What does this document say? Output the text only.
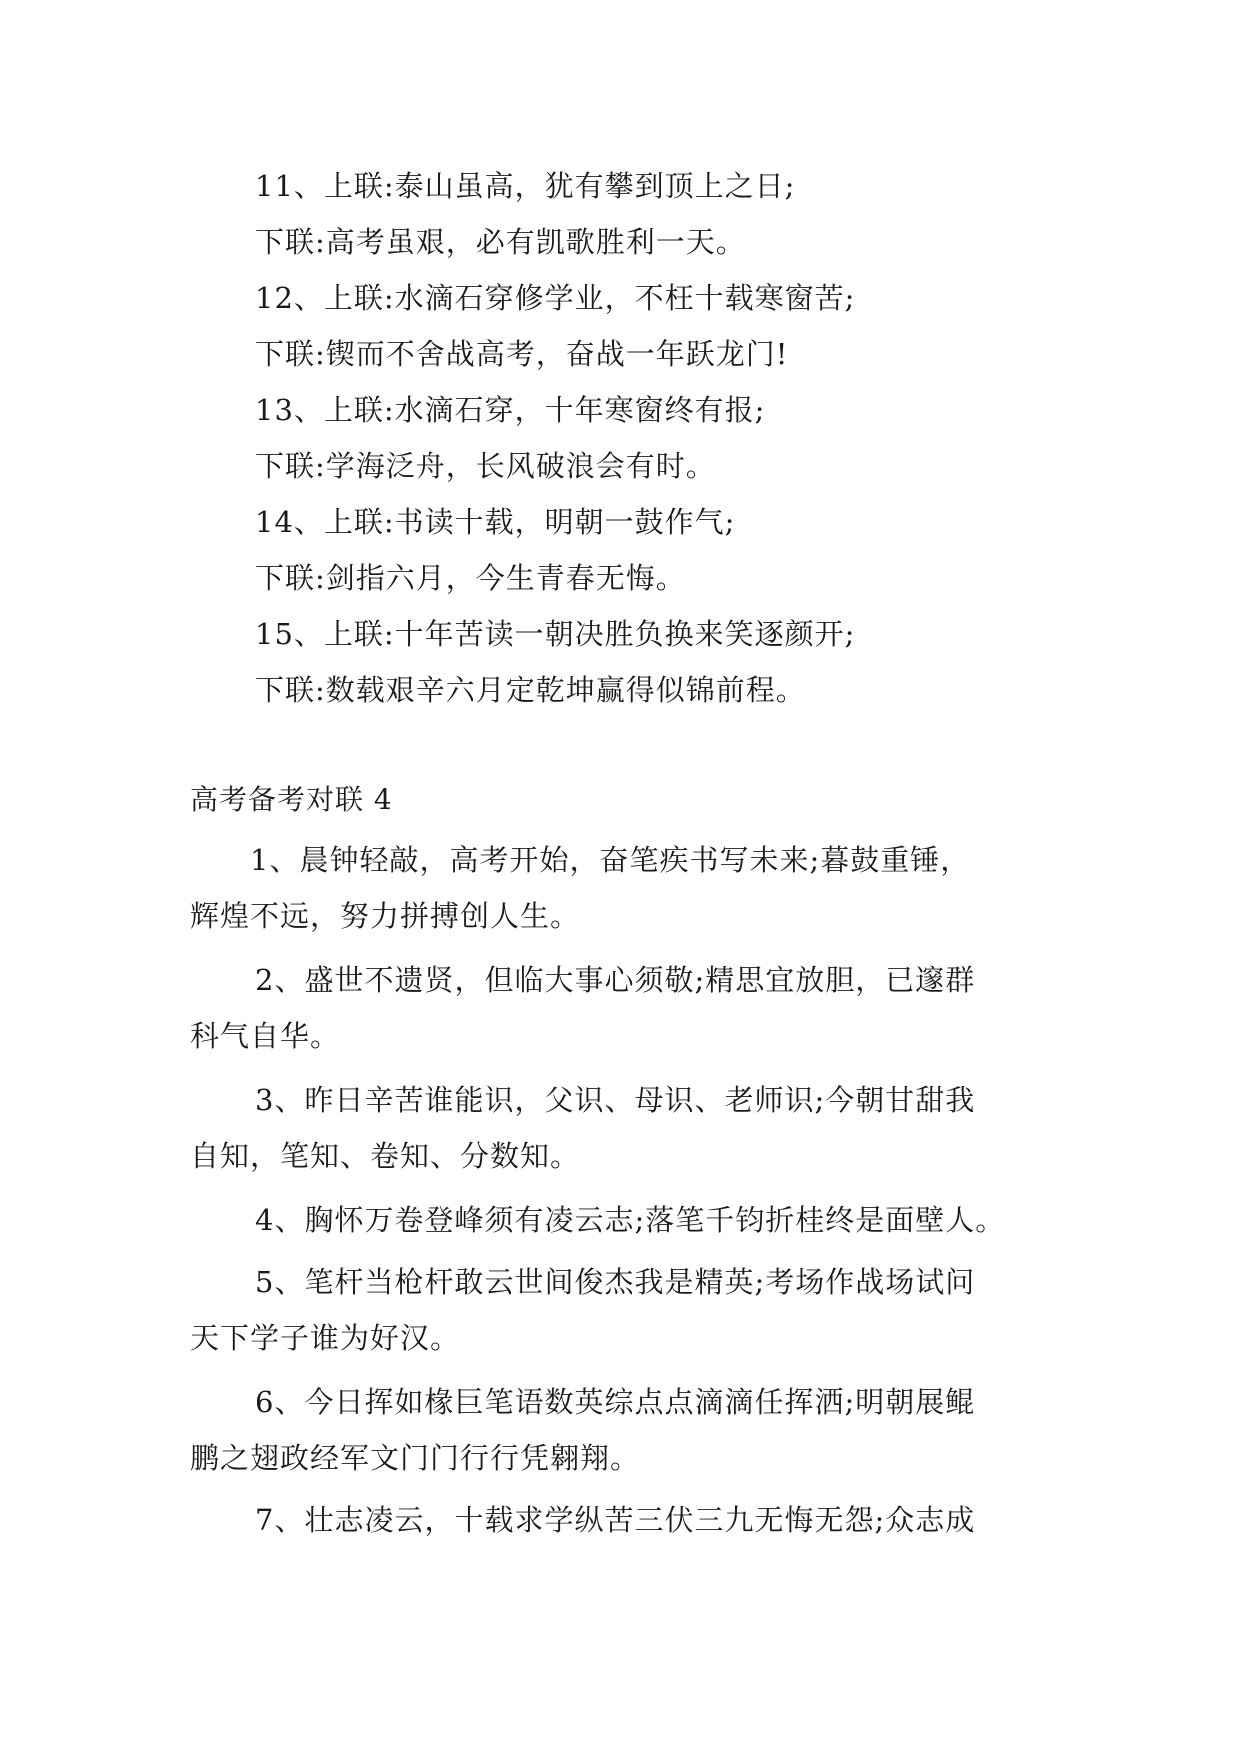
11、上联:泰山虽高，犹有攀到顶上之日;
下联:高考虽艰，必有凯歌胜利一天。
12、上联:水滴石穿修学业，不枉十载寒窗苦;
下联:锲而不舍战高考，奋战一年跃龙门!
13、上联:水滴石穿，十年寒窗终有报;
下联:学海泛舟，长风破浪会有时。
14、上联:书读十载，明朝一鼓作气;
下联:剑指六月，今生青春无悔。
15、上联:十年苦读一朝决胜负换来笑逐颜开;
下联:数载艰辛六月定乾坤赢得似锦前程。
高考备考对联 4
1、晨钟轻敲，高考开始，奋笔疾书写未来;暮鼓重锤，
辉煌不远，努力拼搏创人生。
2、盛世不遗贤，但临大事心须敬;精思宜放胆，已邃群
科气自华。
3、昨日辛苦谁能识，父识、母识、老师识;今朝甘甜我
自知，笔知、卷知、分数知。
4、胸怀万卷登峰须有凌云志;落笔千钧折桂终是面壁人。
5、笔杆当枪杆敢云世间俊杰我是精英;考场作战场试问
天下学子谁为好汉。
6、今日挥如椽巨笔语数英综点点滴滴任挥洒;明朝展鲲
鹏之翅政经军文门门行行凭翱翔。
7、壮志凌云，十载求学纵苦三伏三九无悔无怨;众志成
